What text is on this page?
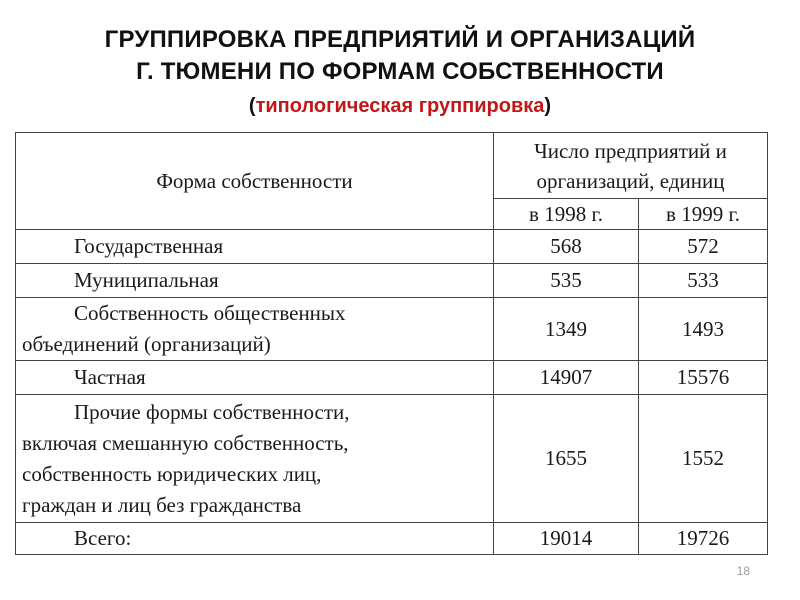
ГРУППИРОВКА ПРЕДПРИЯТИЙ И ОРГАНИЗАЦИЙ
Г. ТЮМЕНИ ПО ФОРМАМ СОБСТВЕННОСТИ
(типологическая группировка)
Форма собственности	Число предприятий и
организаций, единиц	

	в 1998 г.	в 1999 г.

Государственная	568	572

Муниципальная	535	533

Собственность общественных
объединений (организаций)	1349	1493

Частная	14907	15576

Прочие формы собственности,
включая смешанную собственность,
собственность юридических лиц,
граждан и лиц без гражданства	1655	1552

Всего:	19014	19726
18
